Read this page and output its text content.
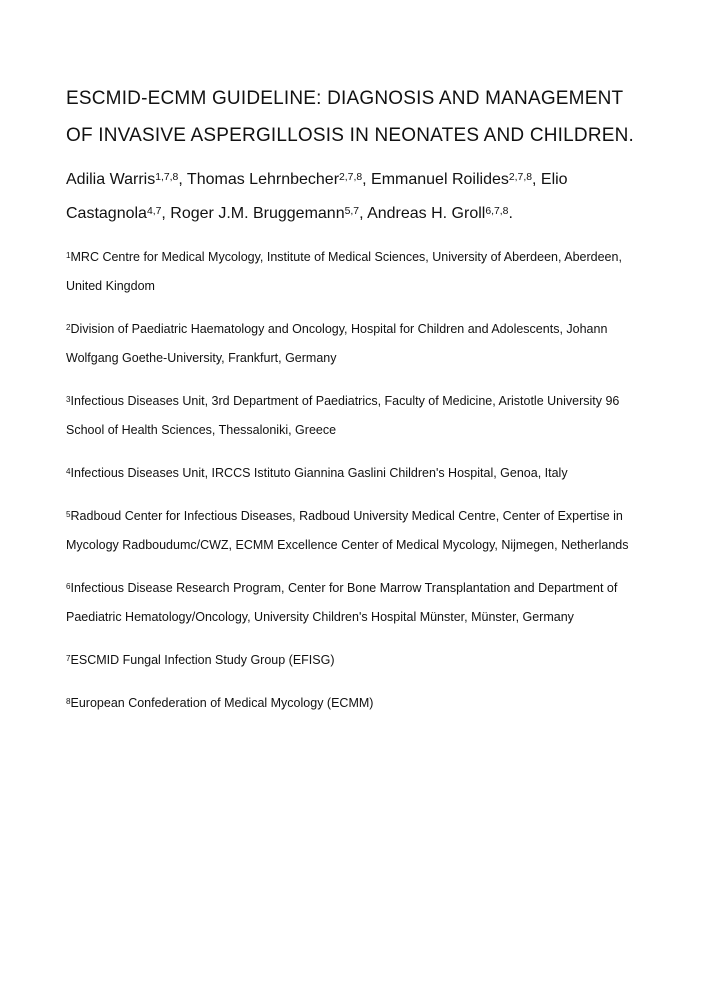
ESCMID-ECMM GUIDELINE: DIAGNOSIS AND MANAGEMENT OF INVASIVE ASPERGILLOSIS IN NEONATES AND CHILDREN.

Adilia Warris$^{1,7,8}$, Thomas Lehrnbecher$^{2,7,8}$, Emmanuel Roilides$^{2,7,8}$, Elio Castagnola$^{4,7}$, Roger J.M. Bruggemann$^{5,7}$, Andreas H. Groll$^{6,7,8}$.

$^1$MRC Centre for Medical Mycology, Institute of Medical Sciences, University of Aberdeen, Aberdeen, United Kingdom

$^2$Division of Paediatric Haematology and Oncology, Hospital for Children and Adolescents, Johann Wolfgang Goethe-University, Frankfurt, Germany

$^3$Infectious Diseases Unit, 3rd Department of Paediatrics, Faculty of Medicine, Aristotle University 96 School of Health Sciences, Thessaloniki, Greece

$^4$Infectious Diseases Unit, IRCCS Istituto Giannina Gaslini Children's Hospital, Genoa, Italy

$^5$Radboud Center for Infectious Diseases, Radboud University Medical Centre, Center of Expertise in Mycology Radboudumc/CWZ, ECMM Excellence Center of Medical Mycology, Nijmegen, Netherlands

$^6$Infectious Disease Research Program, Center for Bone Marrow Transplantation and Department of Paediatric Hematology/Oncology, University Children's Hospital Münster, Münster, Germany

$^7$ESCMID Fungal Infection Study Group (EFISG)

$^8$European Confederation of Medical Mycology (ECMM)
